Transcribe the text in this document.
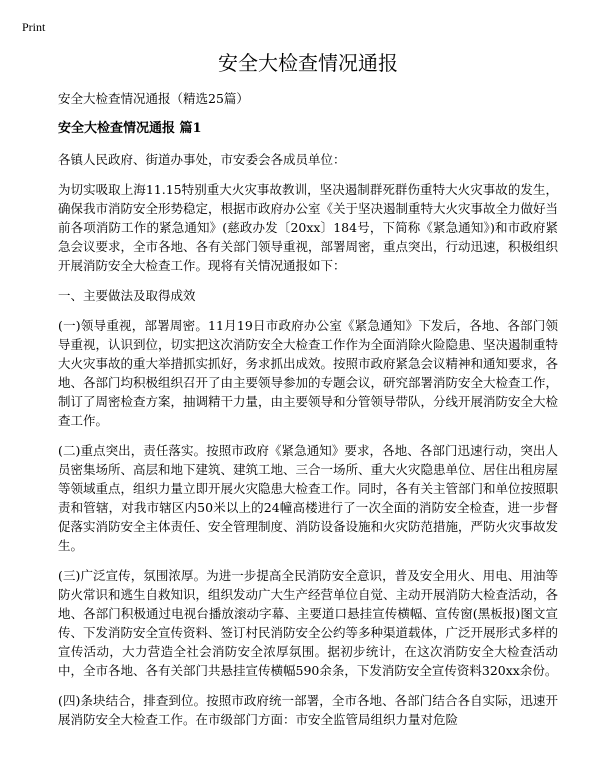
Print
安全大检查情况通报
安全大检查情况通报（精选25篇）
安全大检查情况通报 篇1

各镇人民政府、街道办事处，市安委会各成员单位：

为切实吸取上海11.15特别重大火灾事故教训，坚决遏制群死群伤重特大火灾事故的发生，确保我市消防安全形势稳定，根据市政府办公室《关于坚决遏制重特大火灾事故全力做好当前各项消防工作的紧急通知》(慈政办发〔20xx〕184号，下简称《紧急通知》)和市政府紧急会议要求，全市各地、各有关部门领导重视，部署周密，重点突出，行动迅速，积极组织开展消防安全大检查工作。现将有关情况通报如下：

一、主要做法及取得成效

(一)领导重视，部署周密。11月19日市政府办公室《紧急通知》下发后，各地、各部门领导重视，认识到位，切实把这次消防安全大检查工作作为全面消除火险隐患、坚决遏制重特大火灾事故的重大举措抓实抓好，务求抓出成效。按照市政府紧急会议精神和通知要求，各地、各部门均积极组织召开了由主要领导参加的专题会议，研究部署消防安全大检查工作，制订了周密检查方案，抽调精干力量，由主要领导和分管领导带队，分线开展消防安全大检查工作。

(二)重点突出，责任落实。按照市政府《紧急通知》要求，各地、各部门迅速行动，突出人员密集场所、高层和地下建筑、建筑工地、三合一场所、重大火灾隐患单位、居住出租房屋等领域重点，组织力量立即开展火灾隐患大检查工作。同时，各有关主管部门和单位按照职责和管辖，对我市辖区内50米以上的24幢高楼进行了一次全面的消防安全检查，进一步督促落实消防安全主体责任、安全管理制度、消防设备设施和火灾防范措施，严防火灾事故发生。

(三)广泛宣传，氛围浓厚。为进一步提高全民消防安全意识，普及安全用火、用电、用油等防火常识和逃生自救知识，组织发动广大生产经营单位自觉、主动开展消防大检查活动，各地、各部门积极通过电视台播放滚动字幕、主要道口悬挂宣传横幅、宣传窗(黑板报)图文宣传、下发消防安全宣传资料、签订村民消防安全公约等多种渠道载体，广泛开展形式多样的宣传活动，大力营造全社会消防安全浓厚氛围。据初步统计，在这次消防安全大检查活动中，全市各地、各有关部门共悬挂宣传横幅590余条，下发消防安全宣传资料320xx余份。

(四)条块结合，排查到位。按照市政府统一部署，全市各地、各部门结合各自实际，迅速开展消防安全大检查工作。在市级部门方面：市安全监管局组织力量对危险
